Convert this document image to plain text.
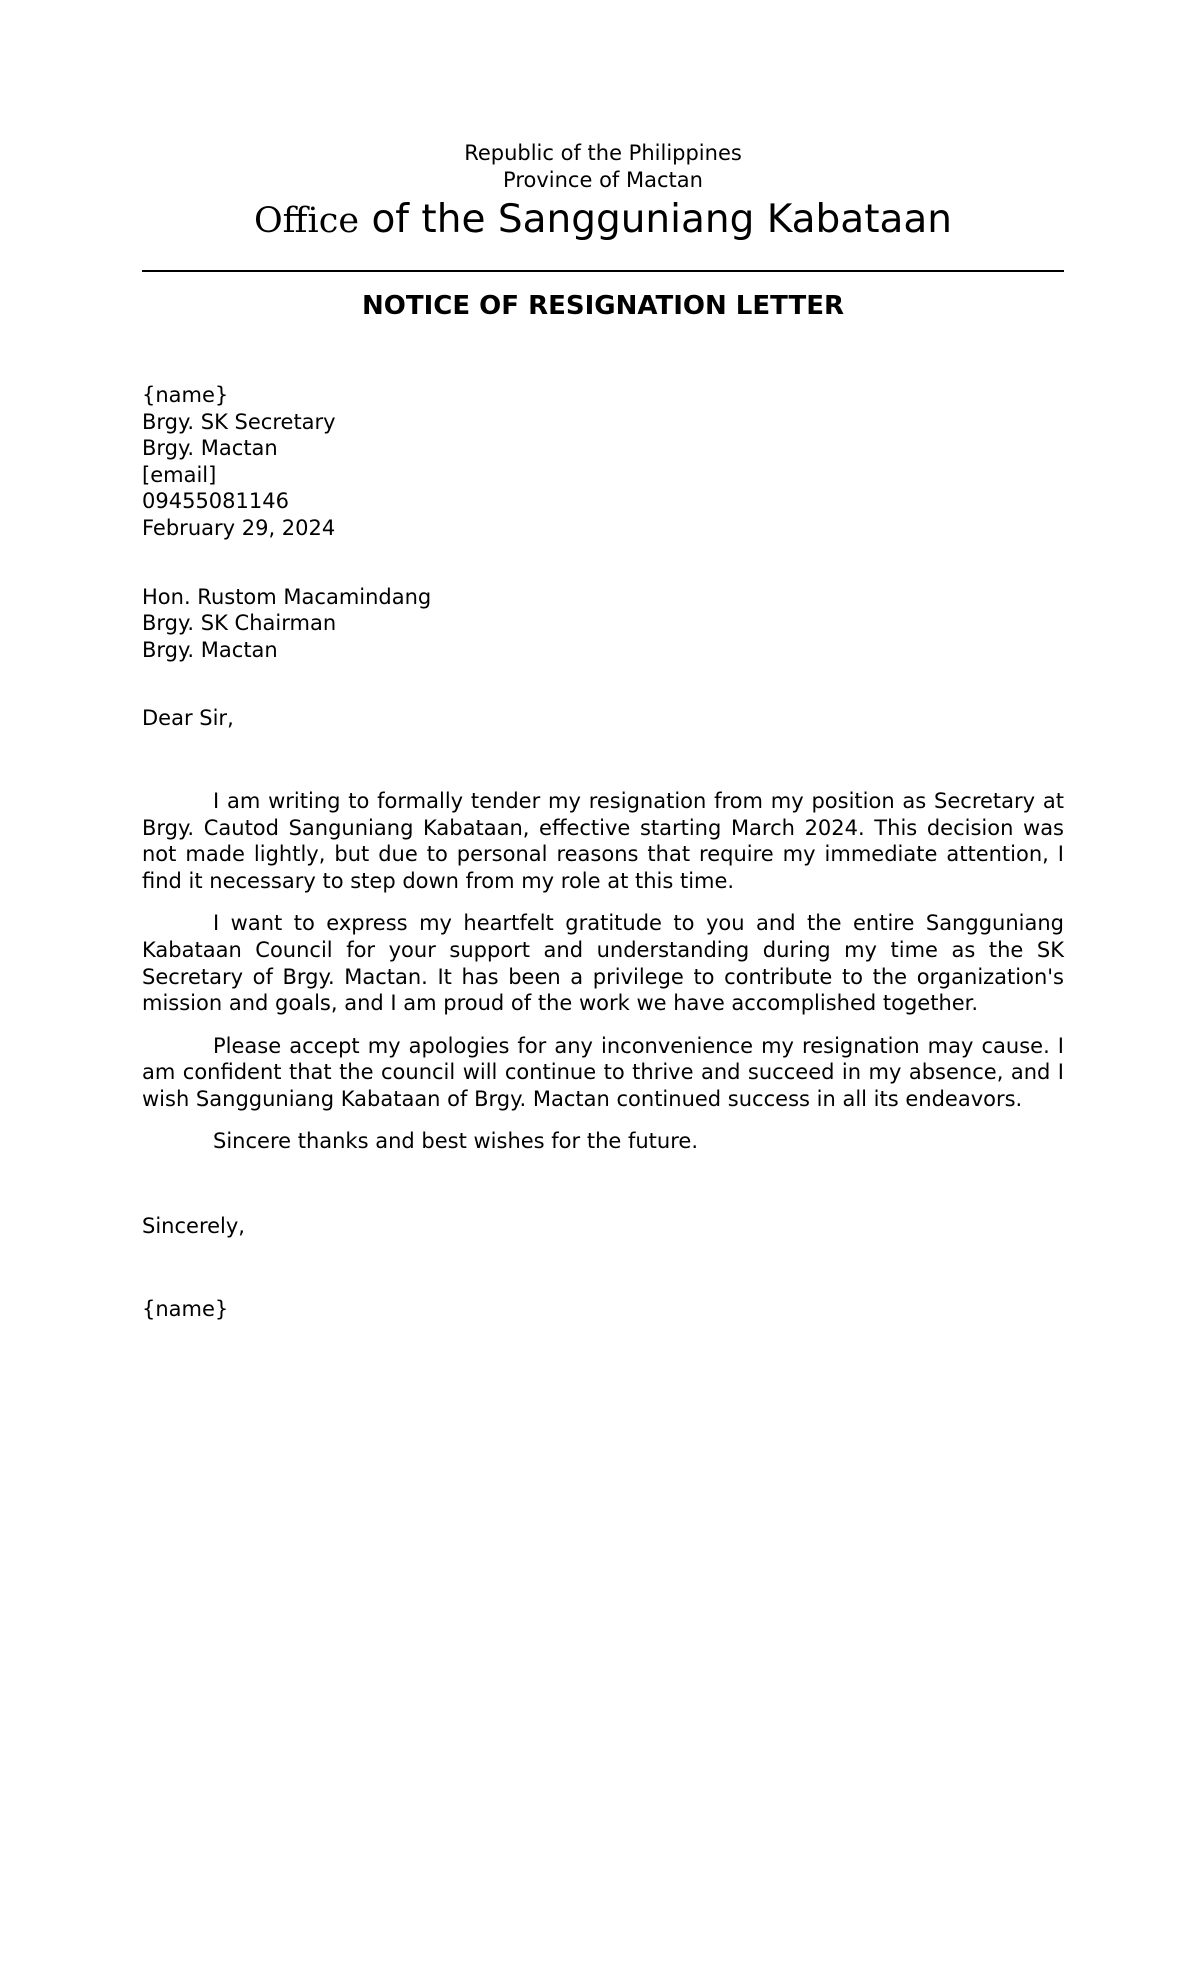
Republic of the Philippines
Province of Mactan
Office of the Sangguniang Kabataan
NOTICE OF RESIGNATION LETTER
{name}
Brgy. SK Secretary
Brgy. Mactan
[email]
09455081146
February 29, 2024
Hon. Rustom Macamindang
Brgy. SK Chairman
Brgy. Mactan
Dear Sir,

I am writing to formally tender my resignation from my position as Secretary at Brgy. Cautod Sanguniang Kabataan, effective starting March 2024. This decision was not made lightly, but due to personal reasons that require my immediate attention, I find it necessary to step down from my role at this time.

I want to express my heartfelt gratitude to you and the entire Sangguniang Kabataan Council for your support and understanding during my time as the SK Secretary of Brgy. Mactan. It has been a privilege to contribute to the organization's mission and goals, and I am proud of the work we have accomplished together.

Please accept my apologies for any inconvenience my resignation may cause. I am confident that the council will continue to thrive and succeed in my absence, and I wish Sangguniang Kabataan of Brgy. Mactan continued success in all its endeavors.

Sincere thanks and best wishes for the future.

Sincerely,
{name}
